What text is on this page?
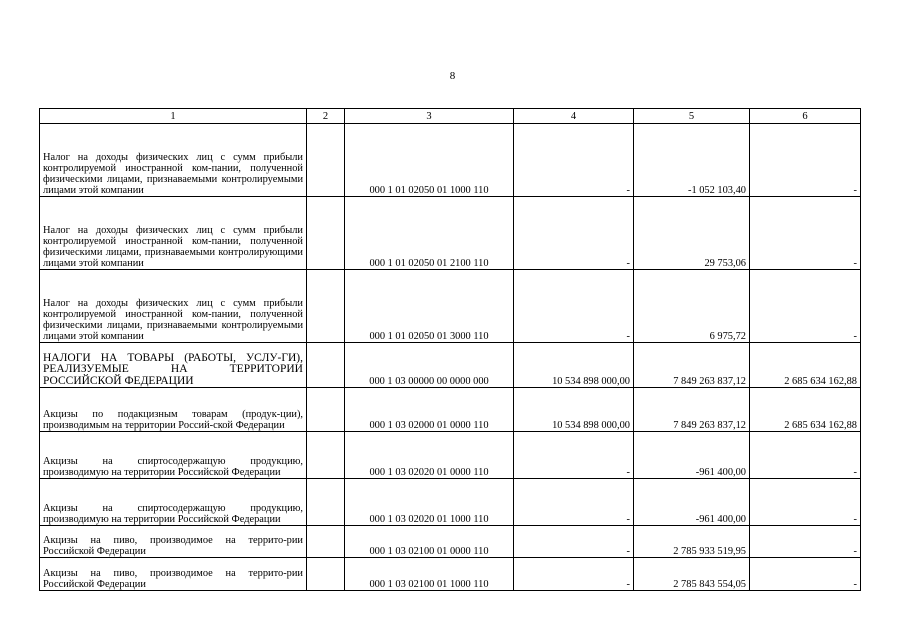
8
1	2	3	4	5	6
Налог на доходы физических лиц с сумм прибыли контролируемой иностранной ком-пании, полученной физическими лицами, признаваемыми контролируемыми лицами этой компании		000 1 01 02050 01 1000 110	-	-1 052 103,40	-
Налог на доходы физических лиц с сумм прибыли контролируемой иностранной ком-пании, полученной физическими лицами, признаваемыми контролирующими лицами этой компании		000 1 01 02050 01 2100 110	-	29 753,06	-
Налог на доходы физических лиц с сумм прибыли контролируемой иностранной ком-пании, полученной физическими лицами, признаваемыми контролируемыми лицами этой компании		000 1 01 02050 01 3000 110	-	6 975,72	-
НАЛОГИ НА ТОВАРЫ (РАБОТЫ, УСЛУ-ГИ), РЕАЛИЗУЕМЫЕ НА ТЕРРИТОРИИ РОССИЙСКОЙ ФЕДЕРАЦИИ		000 1 03 00000 00 0000 000	10 534 898 000,00	7 849 263 837,12	2 685 634 162,88
Акцизы по подакцизным товарам (продук-ции), производимым на территории Россий-ской Федерации		000 1 03 02000 01 0000 110	10 534 898 000,00	7 849 263 837,12	2 685 634 162,88
Акцизы на спиртосодержащую продукцию, производимую на территории Российской Федерации		000 1 03 02020 01 0000 110	-	-961 400,00	-
Акцизы на спиртосодержащую продукцию, производимую на территории Российской Федерации		000 1 03 02020 01 1000 110	-	-961 400,00	-
Акцизы на пиво, производимое на террито-рии Российской Федерации		000 1 03 02100 01 0000 110	-	2 785 933 519,95	-
Акцизы на пиво, производимое на террито-рии Российской Федерации		000 1 03 02100 01 1000 110	-	2 785 843 554,05	-
